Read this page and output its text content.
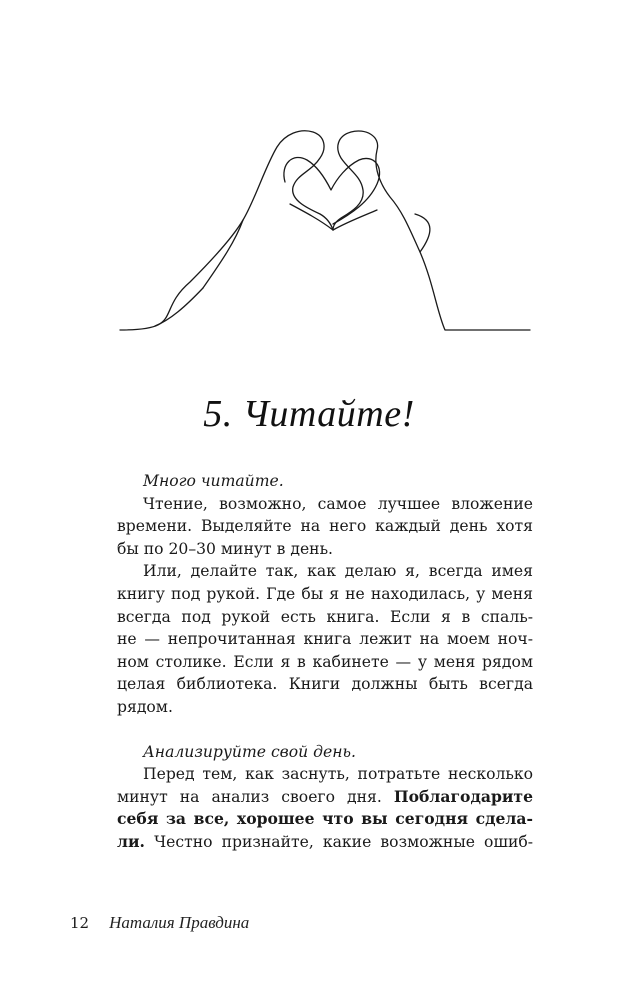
5. Читайте!
Много читайте.
Чтение, возможно, самое лучшее вложение
времени. Выделяйте на него каждый день хотя
бы по 20–30 минут в день.
Или, делайте так, как делаю я, всегда имея
книгу под рукой. Где бы я не находилась, у меня
всегда под рукой есть книга. Если я в спаль-
не — непрочитанная книга лежит на моем ноч-
ном столике. Если я в кабинете — у меня рядом
целая библиотека. Книги должны быть всегда
рядом.
Анализируйте свой день.
Перед тем, как заснуть, потратьте несколько
минут на анализ своего дня. Поблагодарите
себя за все, хорошее что вы сегодня сдела-
ли. Честно признайте, какие возможные ошиб-
12 Наталия Правдина
